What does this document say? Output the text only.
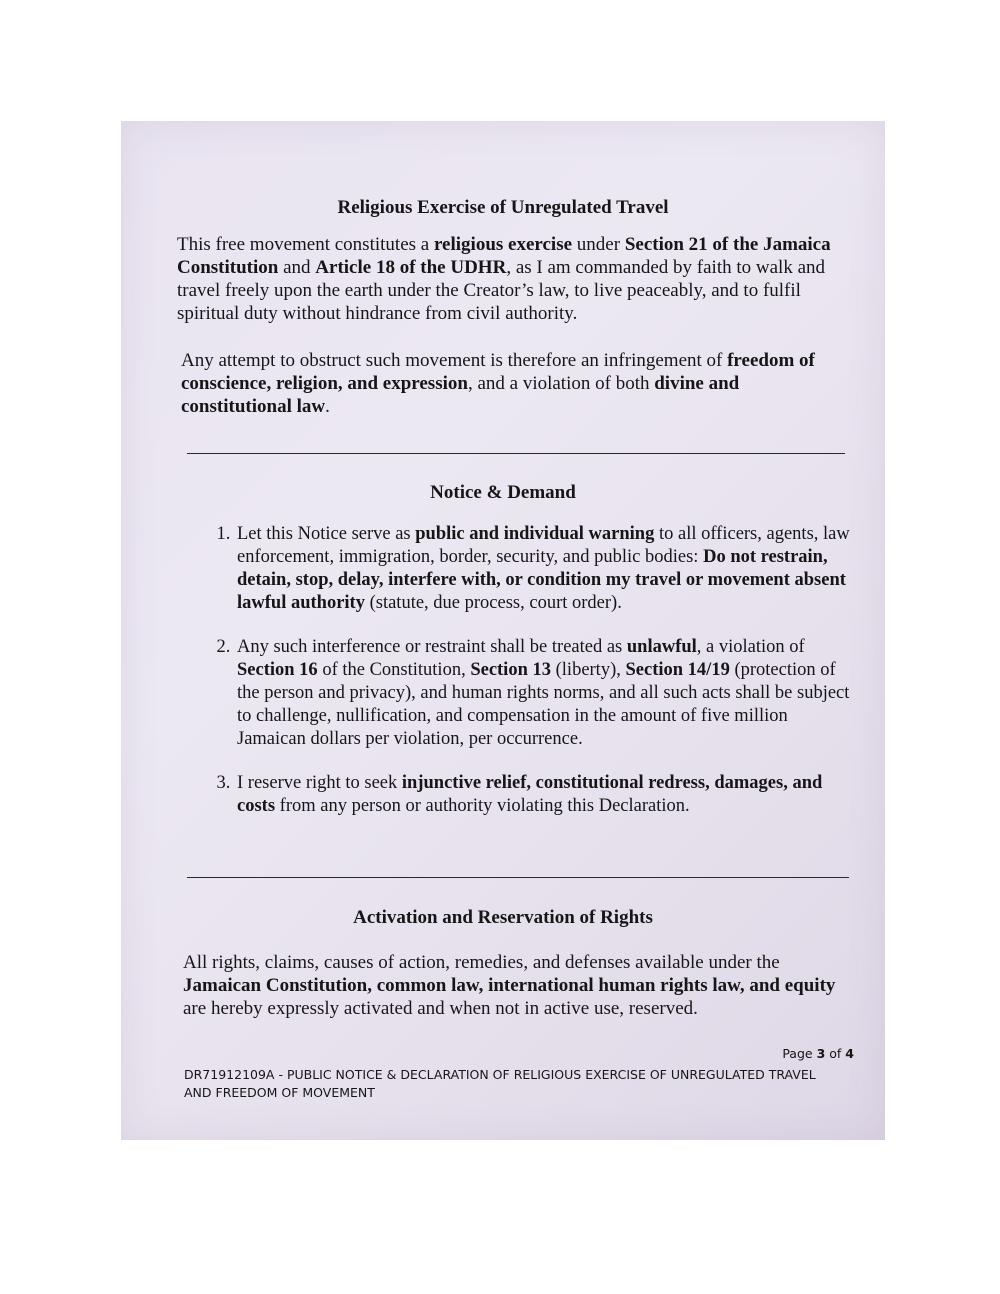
Religious Exercise of Unregulated Travel

This free movement constitutes a religious exercise under Section 21 of the Jamaica Constitution and Article 18 of the UDHR, as I am commanded by faith to walk and travel freely upon the earth under the Creator’s law, to live peaceably, and to fulfil spiritual duty without hindrance from civil authority.

Any attempt to obstruct such movement is therefore an infringement of freedom of conscience, religion, and expression, and a violation of both divine and constitutional law.

Notice & Demand
1. Let this Notice serve as public and individual warning to all officers, agents, law enforcement, immigration, border, security, and public bodies: Do not restrain, detain, stop, delay, interfere with, or condition my travel or movement absent lawful authority (statute, due process, court order).
2. Any such interference or restraint shall be treated as unlawful, a violation of Section 16 of the Constitution, Section 13 (liberty), Section 14/19 (protection of the person and privacy), and human rights norms, and all such acts shall be subject to challenge, nullification, and compensation in the amount of five million Jamaican dollars per violation, per occurrence.
3. I reserve right to seek injunctive relief, constitutional redress, damages, and costs from any person or authority violating this Declaration.
Activation and Reservation of Rights

All rights, claims, causes of action, remedies, and defenses available under the Jamaican Constitution, common law, international human rights law, and equity are hereby expressly activated and when not in active use, reserved.

Page 3 of 4
DR71912109A - PUBLIC NOTICE & DECLARATION OF RELIGIOUS EXERCISE OF UNREGULATED TRAVEL AND FREEDOM OF MOVEMENT
